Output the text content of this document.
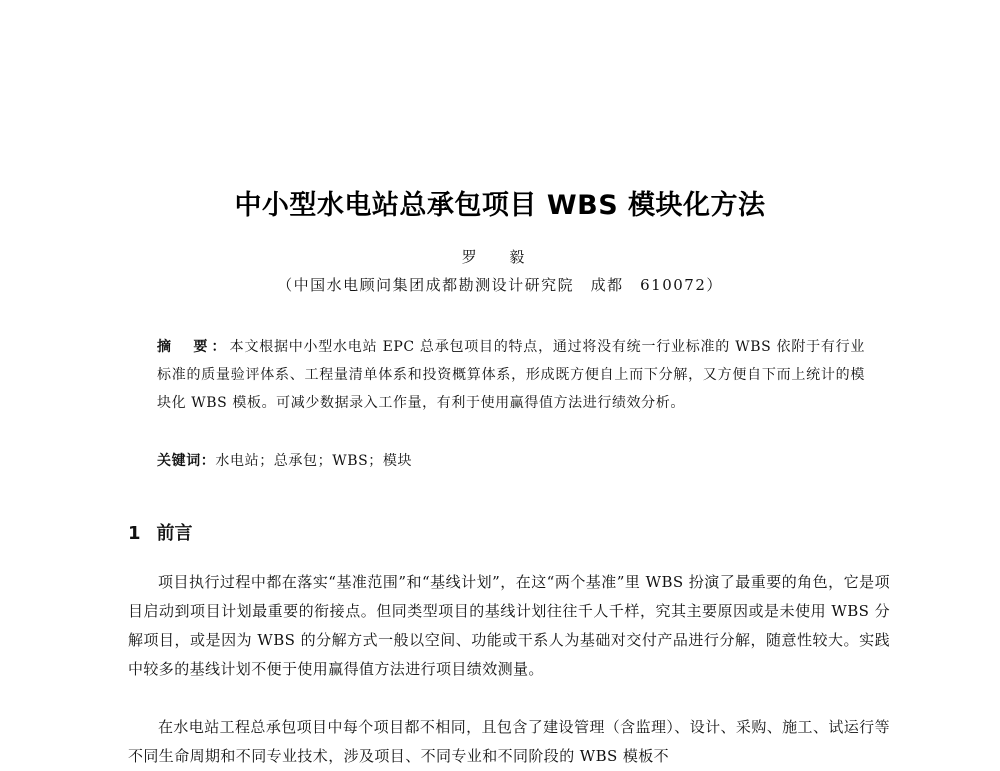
中小型水电站总承包项目 WBS 模块化方法

罗 毅

（中国水电顾问集团成都勘测设计研究院　成都　610072）

摘　要：本文根据中小型水电站 EPC 总承包项目的特点，通过将没有统一行业标准的 WBS 依附于有行业标准的质量验评体系、工程量清单体系和投资概算体系，形成既方便自上而下分解，又方便自下而上统计的模块化 WBS 模板。可减少数据录入工作量，有利于使用赢得值方法进行绩效分析。

关键词：水电站；总承包；WBS；模块

1 前言

项目执行过程中都在落实“基准范围”和“基线计划”，在这“两个基准”里 WBS 扮演了最重要的角色，它是项目启动到项目计划最重要的衔接点。但同类型项目的基线计划往往千人千样，究其主要原因或是未使用 WBS 分解项目，或是因为 WBS 的分解方式一般以空间、功能或干系人为基础对交付产品进行分解，随意性较大。实践中较多的基线计划不便于使用赢得值方法进行项目绩效测量。

在水电站工程总承包项目中每个项目都不相同，且包含了建设管理（含监理）、设计、采购、施工、试运行等不同生命周期和不同专业技术，涉及项目、不同专业和不同阶段的 WBS 模板不
